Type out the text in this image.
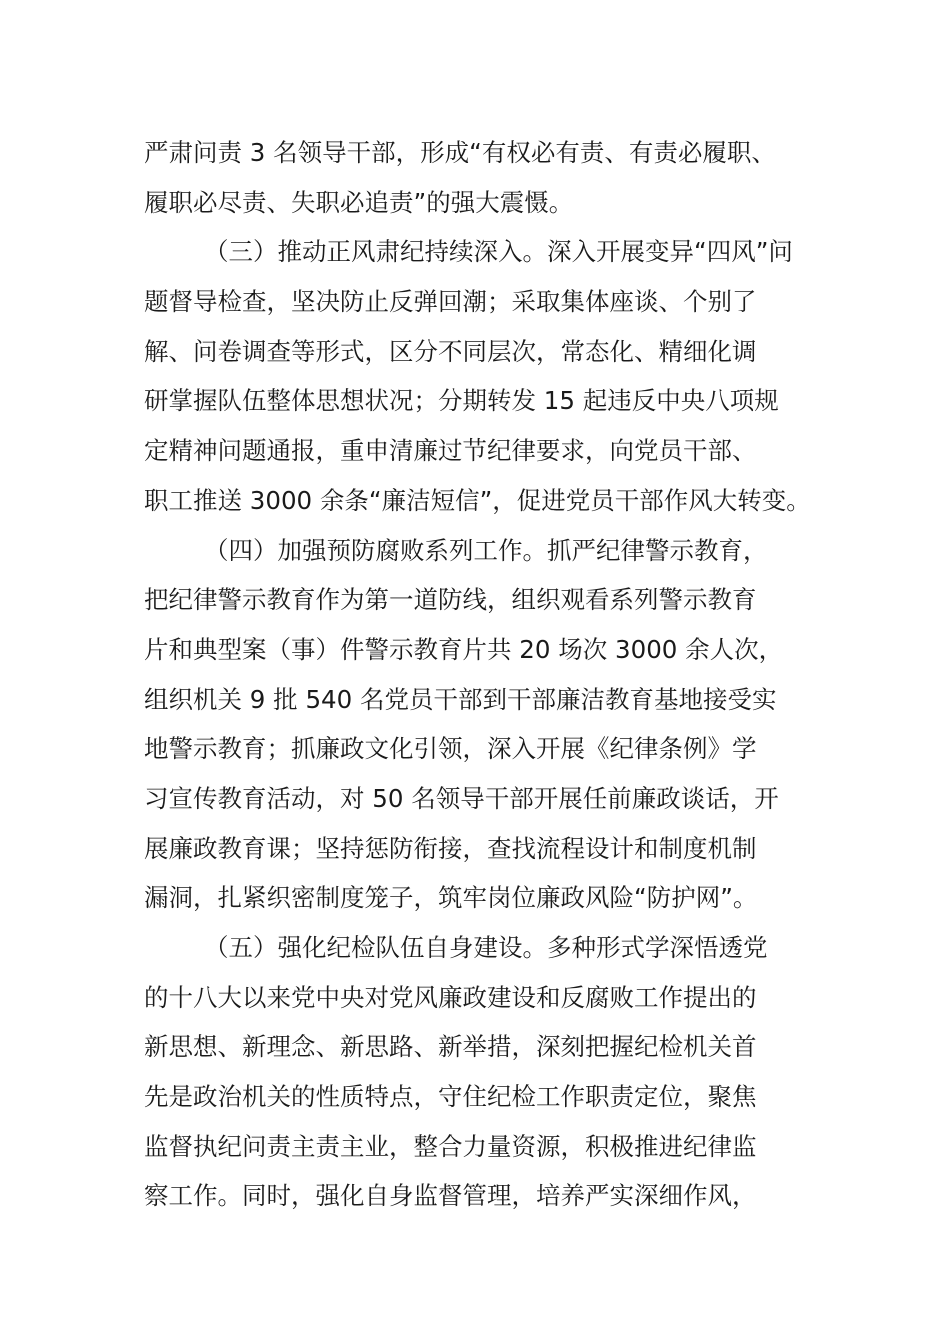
严肃问责 3 名领导干部，形成“有权必有责、有责必履职、
履职必尽责、失职必追责”的强大震慑。
（三）推动正风肃纪持续深入。深入开展变异“四风”问
题督导检查，坚决防止反弹回潮；采取集体座谈、个别了
解、问卷调查等形式，区分不同层次，常态化、精细化调
研掌握队伍整体思想状况；分期转发 15 起违反中央八项规
定精神问题通报，重申清廉过节纪律要求，向党员干部、
职工推送 3000 余条“廉洁短信”，促进党员干部作风大转变。
（四）加强预防腐败系列工作。抓严纪律警示教育，
把纪律警示教育作为第一道防线，组织观看系列警示教育
片和典型案（事）件警示教育片共 20 场次 3000 余人次，
组织机关 9 批 540 名党员干部到干部廉洁教育基地接受实
地警示教育；抓廉政文化引领，深入开展《纪律条例》学
习宣传教育活动，对 50 名领导干部开展任前廉政谈话，开
展廉政教育课；坚持惩防衔接，查找流程设计和制度机制
漏洞，扎紧织密制度笼子，筑牢岗位廉政风险“防护网”。
（五）强化纪检队伍自身建设。多种形式学深悟透党
的十八大以来党中央对党风廉政建设和反腐败工作提出的
新思想、新理念、新思路、新举措，深刻把握纪检机关首
先是政治机关的性质特点，守住纪检工作职责定位，聚焦
监督执纪问责主责主业，整合力量资源，积极推进纪律监
察工作。同时，强化自身监督管理，培养严实深细作风，
